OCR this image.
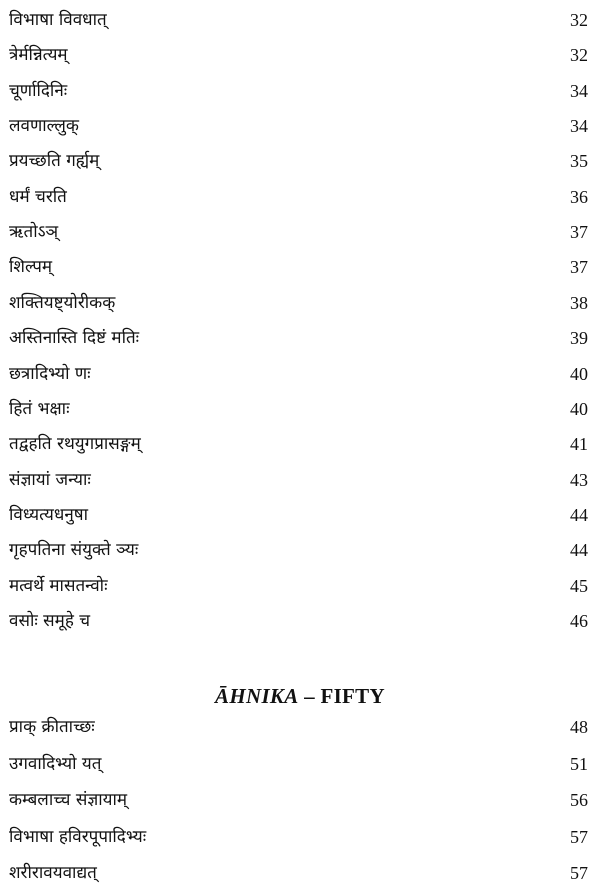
विभाषा विवधात्	32
त्रेर्मन्नित्यम्	32
चूर्णादिनिः	34
लवणाल्लुक्	34
प्रयच्छति गर्ह्यम्	35
धर्मं चरति	36
ऋतोऽञ्	37
शिल्पम्	37
शक्तियष्ट्योरीकक्	38
अस्तिनास्ति दिष्टं मतिः	39
छत्रादिभ्यो णः	40
हितं भक्षाः	40
तद्वहति रथयुगप्रासङ्गम्	41
संज्ञायां जन्याः	43
विध्यत्यधनुषा	44
गृहपतिना संयुक्ते ञ्यः	44
मत्वर्थे मासतन्वोः	45
वसोः समूहे च	46
ĀHNIKA – FIFTY
प्राक् क्रीताच्छः	48
उगवादिभ्यो यत्	51
कम्बलाच्च संज्ञायाम्	56
विभाषा हविरपूपादिभ्यः	57
शरीरावयवाद्यत्	57
